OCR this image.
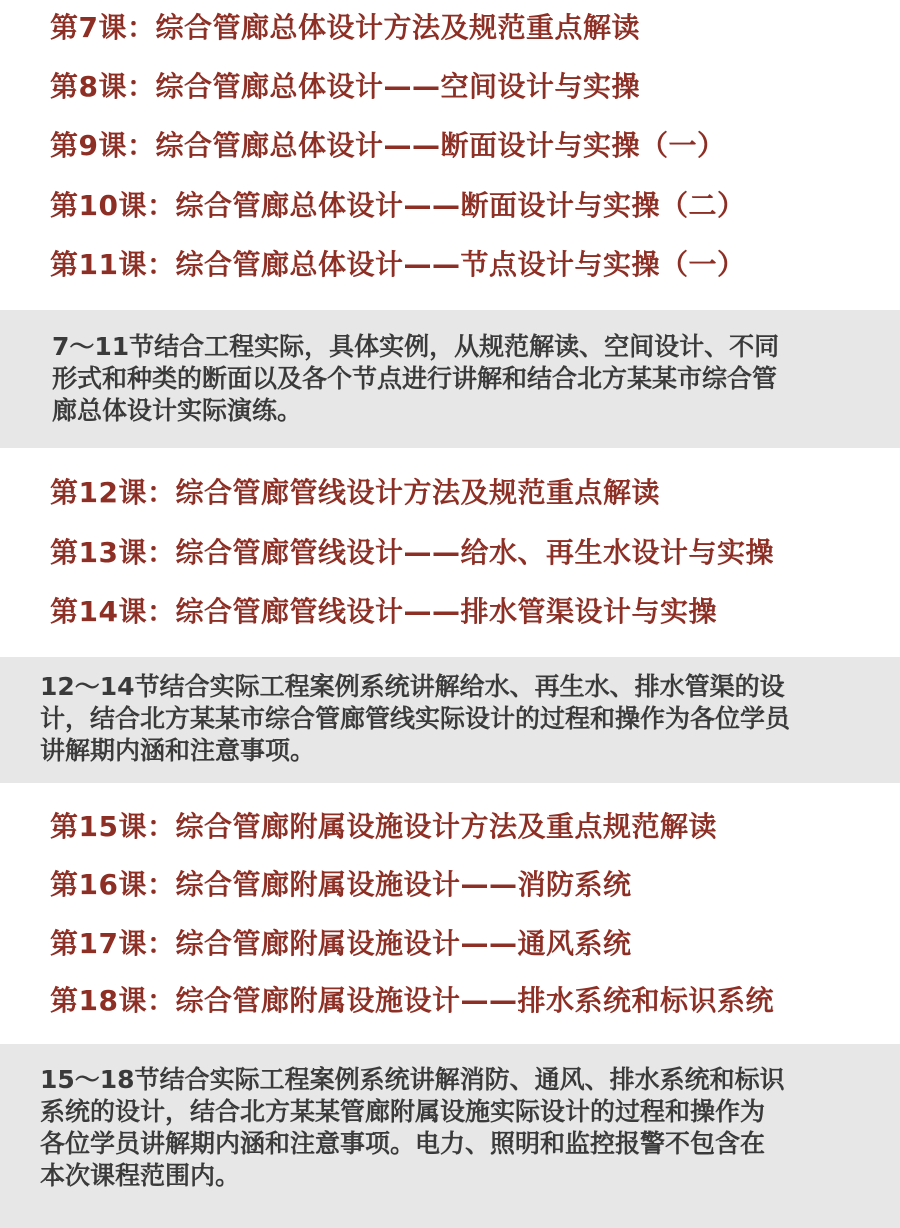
第7课：综合管廊总体设计方法及规范重点解读
第8课：综合管廊总体设计——空间设计与实操
第9课：综合管廊总体设计——断面设计与实操（一）
第10课：综合管廊总体设计——断面设计与实操（二）
第11课：综合管廊总体设计——节点设计与实操（一）
7～11节结合工程实际，具体实例，从规范解读、空间设计、不同
形式和种类的断面以及各个节点进行讲解和结合北方某某市综合管
廊总体设计实际演练。
第12课：综合管廊管线设计方法及规范重点解读
第13课：综合管廊管线设计——给水、再生水设计与实操
第14课：综合管廊管线设计——排水管渠设计与实操
12～14节结合实际工程案例系统讲解给水、再生水、排水管渠的设
计，结合北方某某市综合管廊管线实际设计的过程和操作为各位学员
讲解期内涵和注意事项。
第15课：综合管廊附属设施设计方法及重点规范解读
第16课：综合管廊附属设施设计——消防系统
第17课：综合管廊附属设施设计——通风系统
第18课：综合管廊附属设施设计——排水系统和标识系统
15～18节结合实际工程案例系统讲解消防、通风、排水系统和标识
系统的设计，结合北方某某管廊附属设施实际设计的过程和操作为
各位学员讲解期内涵和注意事项。电力、照明和监控报警不包含在
本次课程范围内。
